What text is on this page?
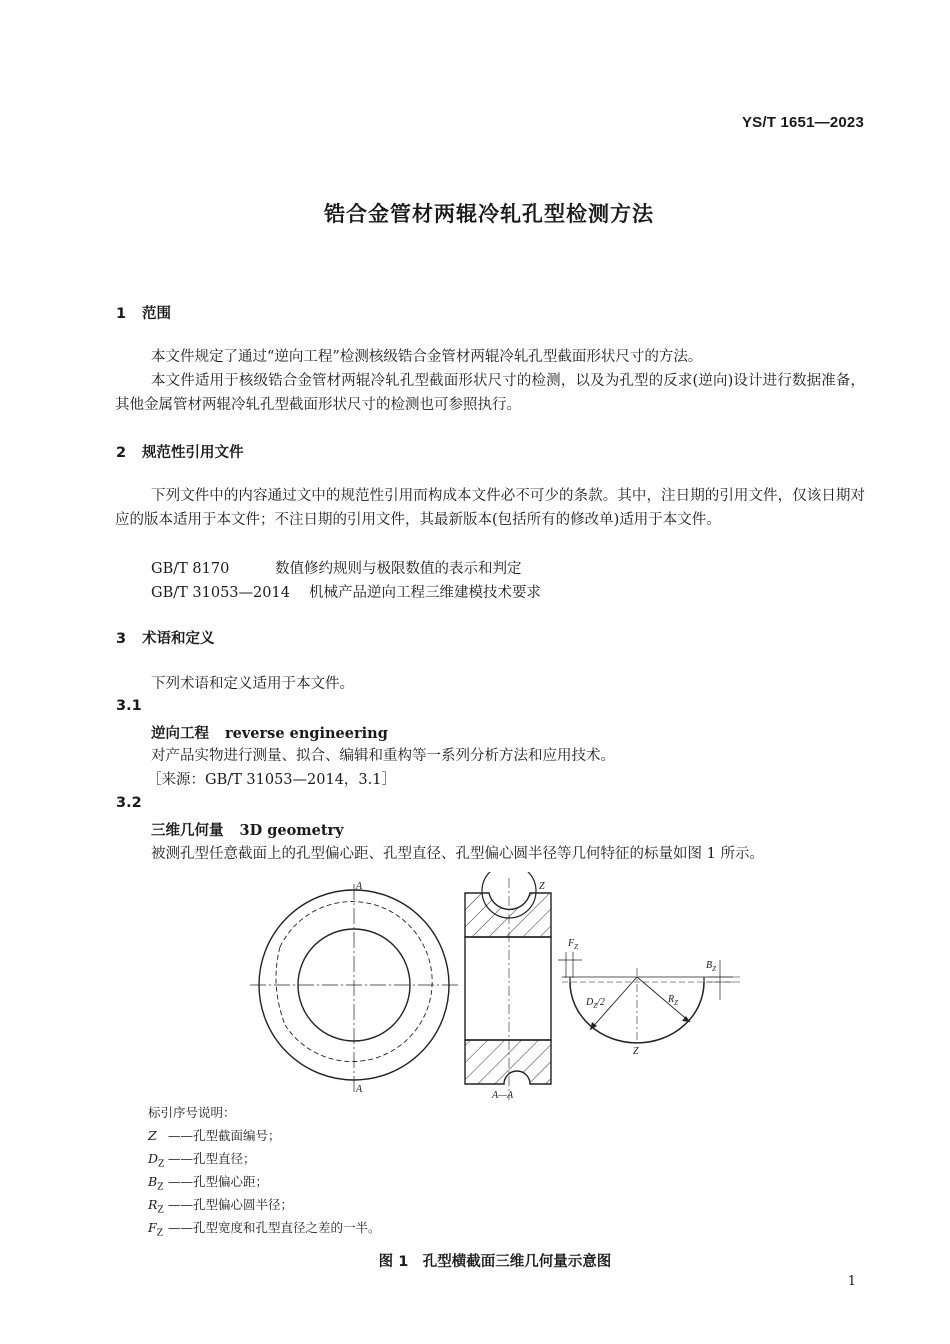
YS/T 1651—2023
锆合金管材两辊冷轧孔型检测方法
1 范围
本文件规定了通过“逆向工程”检测核级锆合金管材两辊冷轧孔型截面形状尺寸的方法。
本文件适用于核级锆合金管材两辊冷轧孔型截面形状尺寸的检测，以及为孔型的反求(逆向)设计进行数据准备，其他金属管材两辊冷轧孔型截面形状尺寸的检测也可参照执行。
2 规范性引用文件
下列文件中的内容通过文中的规范性引用而构成本文件必不可少的条款。其中，注日期的引用文件，仅该日期对应的版本适用于本文件；不注日期的引用文件，其最新版本(包括所有的修改单)适用于本文件。
GB/T 8170	数值修约规则与极限数值的表示和判定
GB/T 31053—2014 机械产品逆向工程三维建模技术要求
3 术语和定义
下列术语和定义适用于本文件。
3.1
逆向工程 reverse engineering
对产品实物进行测量、拟合、编辑和重构等一系列分析方法和应用技术。
［来源：GB/T 31053—2014，3.1］
3.2
三维几何量 3D geometry
被测孔型任意截面上的孔型偏心距、孔型直径、孔型偏心圆半径等几何特征的标量如图 1 所示。
A
A
Z
A—A
$F_Z$
$B_Z$
$D_Z/2$	$R_Z$
Z
标引序号说明：
Z ——孔型截面编号；
$D_Z$ ——孔型直径；
$B_Z$ ——孔型偏心距；
$R_Z$ ——孔型偏心圆半径；
$F_Z$ ——孔型宽度和孔型直径之差的一半。
图 1　孔型横截面三维几何量示意图
1
